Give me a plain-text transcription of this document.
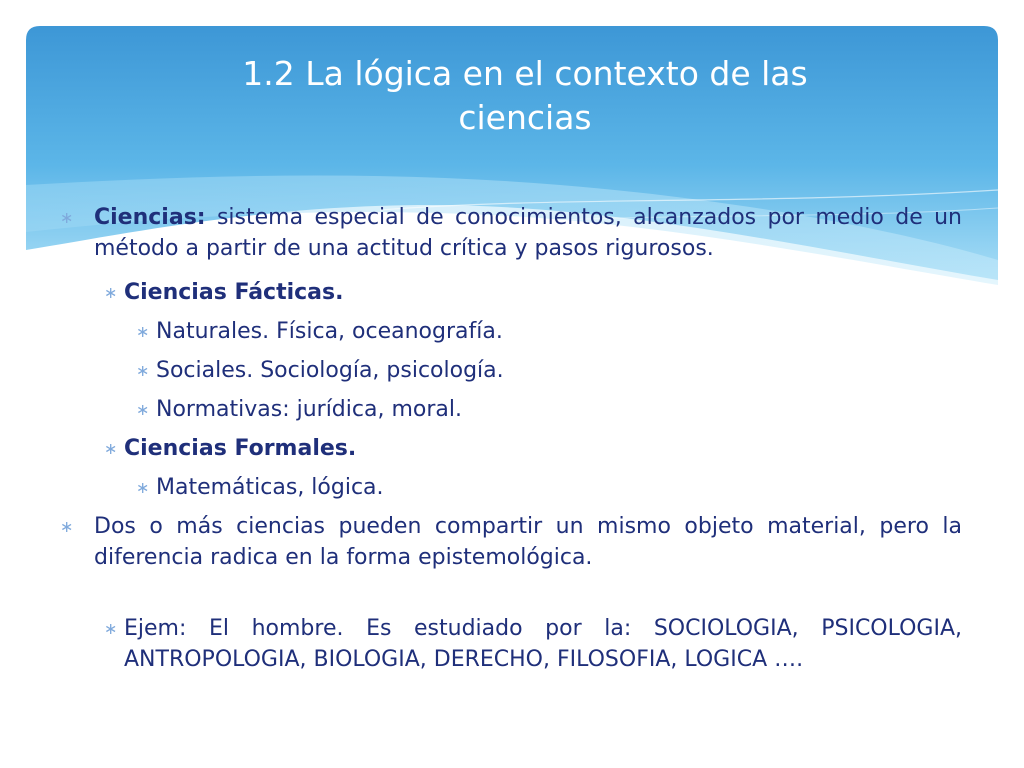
1.2 La lógica en el contexto de las
ciencias
∗ Ciencias: sistema especial de conocimientos, alcanzados por medio de un método a partir de una actitud crítica y pasos rigurosos.
∗ Ciencias Fácticas.
∗ Naturales. Física, oceanografía.
∗ Sociales. Sociología, psicología.
∗ Normativas: jurídica, moral.
∗ Ciencias Formales.
∗ Matemáticas, lógica.
∗ Dos o más ciencias pueden compartir un mismo objeto material, pero la diferencia radica en la forma epistemológica.
∗ Ejem: El hombre. Es estudiado por la: SOCIOLOGIA, PSICOLOGIA, ANTROPOLOGIA, BIOLOGIA, DERECHO, FILOSOFIA, LOGICA ….
